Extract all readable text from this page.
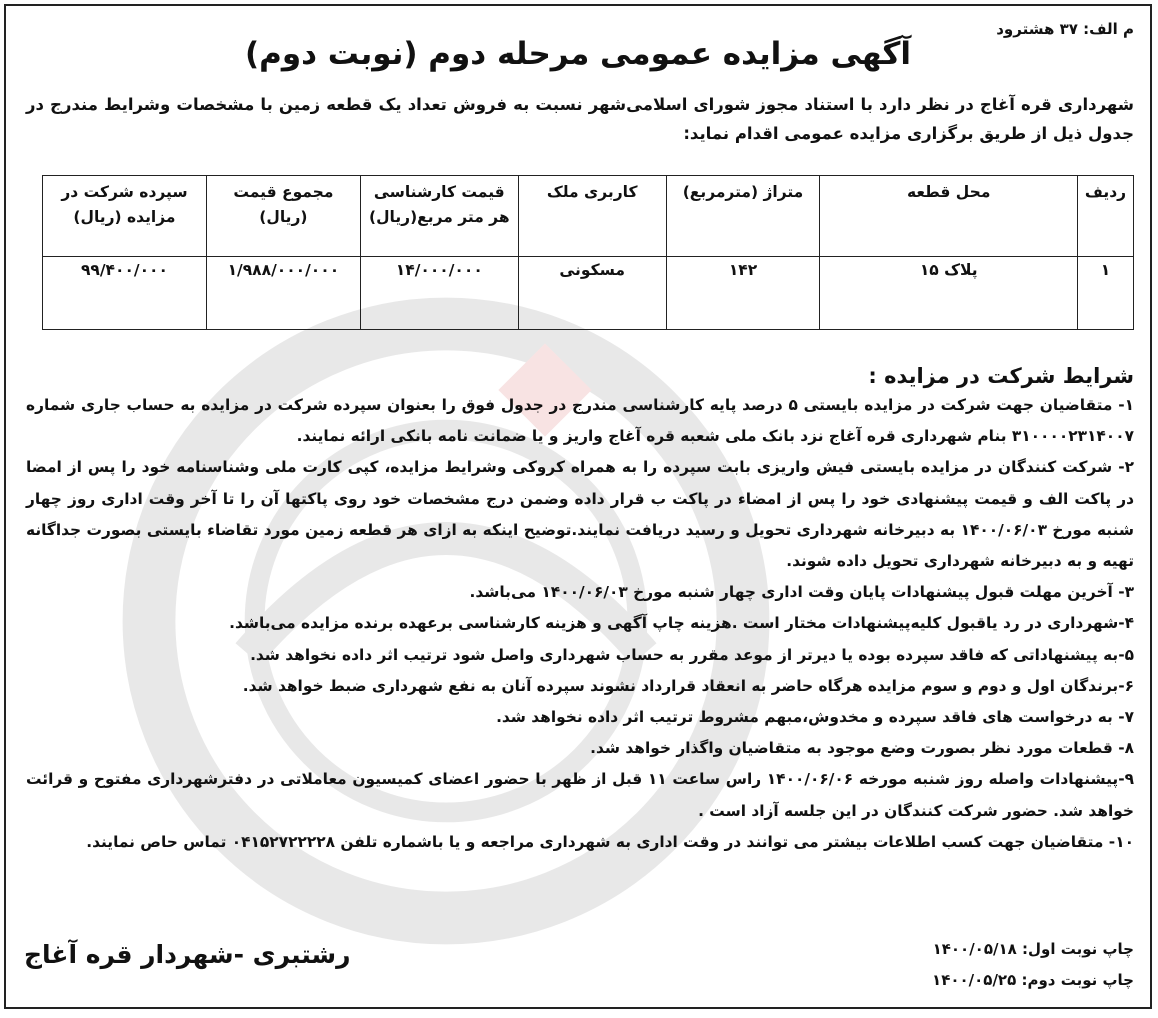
م الف: ۳۷ هشترود
آگهی مزایده عمومی مرحله دوم (نوبت دوم)
شهرداری قره آغاج در نظر دارد با استناد مجوز شورای اسلامی‌شهر نسبت به فروش تعداد یک قطعه زمین با مشخصات وشرایط مندرج در جدول ذیل از طریق برگزاری مزایده عمومی اقدام نماید:
ردیف	محل قطعه	متراژ (مترمربع)	کاربری ملک	قیمت کارشناسی هر متر مربع(ریال)	مجموع قیمت (ریال)	سپرده شرکت در مزایده (ریال)
۱	پلاک ۱۵	۱۴۲	مسکونی	۱۴/۰۰۰/۰۰۰	۱/۹۸۸/۰۰۰/۰۰۰	۹۹/۴۰۰/۰۰۰
شرایط شرکت در مزایده :

۱- متقاضیان جهت شرکت در مزایده بایستی ۵ درصد پایه کارشناسی مندرج در جدول فوق را بعنوان سپرده شرکت در مزایده به حساب جاری شماره ۳۱۰۰۰۰۲۳۱۴۰۰۷ بنام شهرداری قره آغاج نزد بانک ملی شعبه قره آغاج واریز و یا ضمانت نامه بانکی ارائه نمایند.

۲- شرکت کنندگان در مزایده بایستی فیش واریزی بابت سپرده را به همراه کروکی وشرایط مزایده، کپی کارت ملی وشناسنامه خود را پس از امضا در پاکت الف و قیمت پیشنهادی خود را پس از امضاء در پاکت ب قرار داده وضمن درج مشخصات خود روی پاکتها آن را تا آخر وقت اداری روز چهار شنبه مورخ ۱۴۰۰/۰۶/۰۳ به دبیرخانه شهرداری تحویل و رسید دریافت نمایند.توضیح اینکه به ازای هر قطعه زمین مورد تقاضاء بایستی بصورت جداگانه تهیه و به دبیرخانه شهرداری تحویل داده شوند.

۳- آخرین مهلت قبول پیشنهادات پایان وقت اداری چهار شنبه مورخ ۱۴۰۰/۰۶/۰۳ می‌باشد.

۴-شهرداری در رد یاقبول کلیه‌پیشنهادات مختار است .هزینه چاپ آگهی و هزینه کارشناسی برعهده برنده مزایده می‌باشد.

۵-به پیشنهاداتی که فاقد سپرده بوده یا دیرتر از موعد مقرر به حساب شهرداری واصل شود ترتیب اثر داده نخواهد شد.

۶-برندگان اول و دوم و سوم مزایده هرگاه حاضر به انعقاد قرارداد نشوند سپرده آنان به نفع شهرداری ضبط خواهد شد.

۷- به درخواست های فاقد سپرده و مخدوش،مبهم مشروط ترتیب اثر داده نخواهد شد.

۸- قطعات مورد نظر بصورت وضع موجود به متقاضیان واگذار خواهد شد.

۹-پیشنهادات واصله روز شنبه مورخه ۱۴۰۰/۰۶/۰۶ راس ساعت ۱۱ قبل از ظهر با حضور اعضای کمیسیون معاملاتی در دفترشهرداری مفتوح و قرائت خواهد شد. حضور شرکت کنندگان در این جلسه آزاد است .

۱۰- متقاضیان جهت کسب اطلاعات بیشتر می توانند در وقت اداری به شهرداری مراجعه و یا باشماره تلفن ۰۴۱۵۲۷۲۲۲۲۸ تماس حاص نمایند.

چاپ نوبت اول: ۱۴۰۰/۰۵/۱۸
چاپ نوبت دوم: ۱۴۰۰/۰۵/۲۵
رشتبری -شهردار قره آغاج
